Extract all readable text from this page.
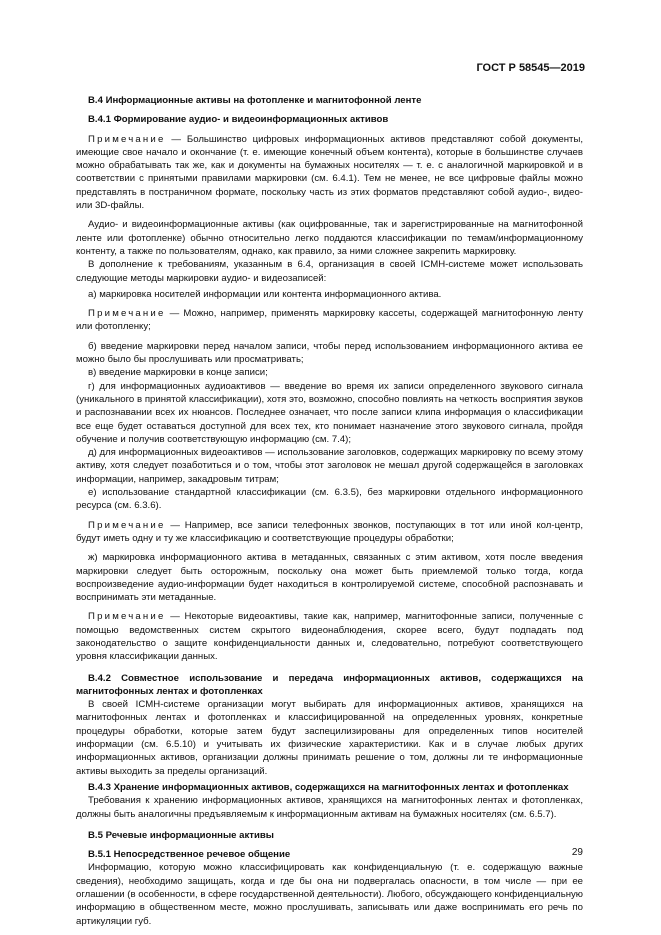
ГОСТ Р 58545—2019

В.4 Информационные активы на фотопленке и магнитофонной ленте

В.4.1 Формирование аудио- и видеоинформационных активов

Примечание — Большинство цифровых информационных активов представляют собой документы, имеющие свое начало и окончание (т. е. имеющие конечный объем контента), которые в большинстве случаев можно обрабатывать так же, как и документы на бумажных носителях — т. е. с аналогичной маркировкой и в соответствии с принятыми правилами маркировки (см. 6.4.1). Тем не менее, не все цифровые файлы можно представлять в постраничном формате, поскольку часть из этих форматов представляют собой аудио-, видео- или 3D-файлы.

Аудио- и видеоинформационные активы (как оцифрованные, так и зарегистрированные на магнитофонной ленте или фотопленке) обычно относительно легко поддаются классификации по темам/информационному контенту, а также по пользователям, однако, как правило, за ними сложнее закрепить маркировку.

В дополнение к требованиям, указанным в 6.4, организация в своей ICMH-системе может использовать следующие методы маркировки аудио- и видеозаписей:

а) маркировка носителей информации или контента информационного актива.

Примечание — Можно, например, применять маркировку кассеты, содержащей магнитофонную ленту или фотопленку;

б) введение маркировки перед началом записи, чтобы перед использованием информационного актива ее можно было бы прослушивать или просматривать;

в) введение маркировки в конце записи;

г) для информационных аудиоактивов — введение во время их записи определенного звукового сигнала (уникального в принятой классификации), хотя это, возможно, способно повлиять на четкость восприятия звуков и распознавании всех их нюансов. Последнее означает, что после записи клипа информация о классификации все еще будет оставаться доступной для всех тех, кто понимает назначение этого звукового сигнала, пройдя обучение и получив соответствующую информацию (см. 7.4);

д) для информационных видеоактивов — использование заголовков, содержащих маркировку по всему этому активу, хотя следует позаботиться и о том, чтобы этот заголовок не мешал другой содержащейся в заголовках информации, например, закадровым титрам;

е) использование стандартной классификации (см. 6.3.5), без маркировки отдельного информационного ресурса (см. 6.3.6).

Примечание — Например, все записи телефонных звонков, поступающих в тот или иной кол-центр, будут иметь одну и ту же классификацию и соответствующие процедуры обработки;

ж) маркировка информационного актива в метаданных, связанных с этим активом, хотя после введения маркировки следует быть осторожным, поскольку она может быть приемлемой только тогда, когда воспроизведение аудио-информации будет находиться в контролируемой системе, способной распознавать и воспринимать эти метаданные.

Примечание — Некоторые видеоактивы, такие как, например, магнитофонные записи, полученные с помощью ведомственных систем скрытого видеонаблюдения, скорее всего, будут подпадать под законодательство о защите конфиденциальности данных и, следовательно, потребуют соответствующего уровня классификации данных.

В.4.2 Совместное использование и передача информационных активов, содержащихся на магнитофонных лентах и фотопленках

В своей ICMH-системе организации могут выбирать для информационных активов, хранящихся на магнитофонных лентах и фотопленках и классифицированной на определенных уровнях, конкретные процедуры обработки, которые затем будут заспецилизированы для определенных типов носителей информации (см. 6.5.10) и учитывать их физические характеристики. Как и в случае любых других информационных активов, организации должны принимать решение о том, должны ли те информационные активы выходить за пределы организаций.

В.4.3 Хранение информационных активов, содержащихся на магнитофонных лентах и фотопленках

Требования к хранению информационных активов, хранящихся на магнитофонных лентах и фотопленках, должны быть аналогичны предъявляемым к информационным активам на бумажных носителях (см. 6.5.7).

В.5 Речевые информационные активы

В.5.1 Непосредственное речевое общение

Информацию, которую можно классифицировать как конфиденциальную (т. е. содержащую важные сведения), необходимо защищать, когда и где бы она ни подвергалась опасности, в том числе — при ее оглашении (в особенности, в сфере государственной деятельности). Любого, обсуждающего конфиденциальную информацию в общественном месте, можно прослушивать, записывать или даже воспринимать его речь по артикуляции губ.

29
